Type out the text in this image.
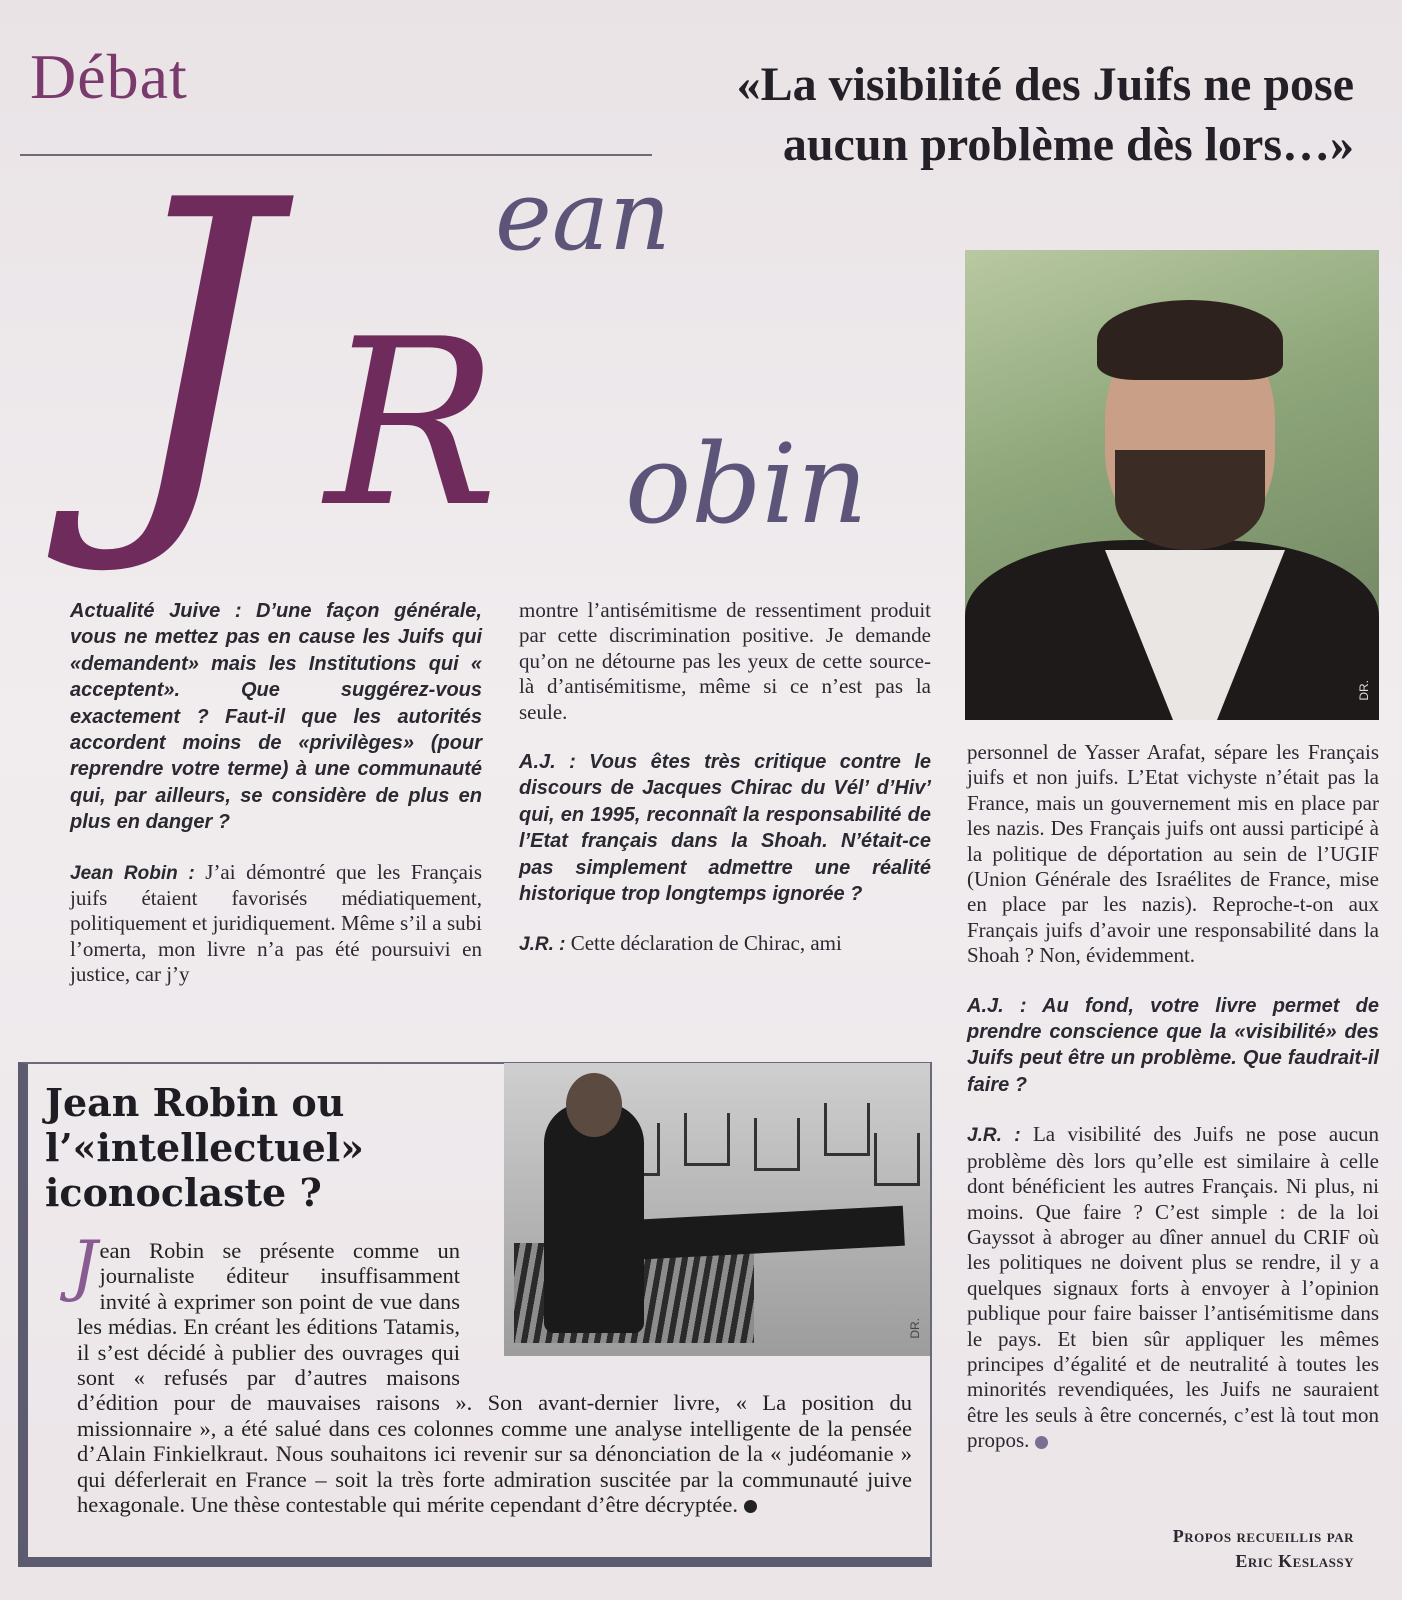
Débat	«La visibilité des Juifs ne pose aucun problème dès lors…»
J ean
R obin
DR.

Actualité Juive : D’une façon générale, vous ne mettez pas en cause les Juifs qui «demandent» mais les Institutions qui « acceptent». Que suggérez-vous exactement ? Faut-il que les autorités accordent moins de «privilèges» (pour reprendre votre terme) à une communauté qui, par ailleurs, se considère de plus en plus en danger ?

Jean Robin : J’ai démontré que les Français juifs étaient favorisés médiatiquement, politiquement et juridiquement. Même s’il a subi l’omerta, mon livre n’a pas été poursuivi en justice, car j’y

montre l’antisémitisme de ressentiment produit par cette discrimination positive. Je demande qu’on ne détourne pas les yeux de cette source-là d’antisémitisme, même si ce n’est pas la seule.

A.J. : Vous êtes très critique contre le discours de Jacques Chirac du Vél’ d’Hiv’ qui, en 1995, reconnaît la responsabilité de l’Etat français dans la Shoah. N’était-ce pas simplement admettre une réalité historique trop longtemps ignorée ?

J.R. : Cette déclaration de Chirac, ami

personnel de Yasser Arafat, sépare les Français juifs et non juifs. L’Etat vichyste n’était pas la France, mais un gouvernement mis en place par les nazis. Des Français juifs ont aussi participé à la politique de déportation au sein de l’UGIF (Union Générale des Israélites de France, mise en place par les nazis). Reproche-t-on aux Français juifs d’avoir une responsabilité dans la Shoah ? Non, évidemment.

A.J. : Au fond, votre livre permet de prendre conscience que la «visibilité» des Juifs peut être un problème. Que faudrait-il faire ?

J.R. : La visibilité des Juifs ne pose aucun problème dès lors qu’elle est similaire à celle dont bénéficient les autres Français. Ni plus, ni moins. Que faire ? C’est simple : de la loi Gayssot à abroger au dîner annuel du CRIF où les politiques ne doivent plus se rendre, il y a quelques signaux forts à envoyer à l’opinion publique pour faire baisser l’antisémitisme dans le pays. Et bien sûr appliquer les mêmes principes d’égalité et de neutralité à toutes les minorités revendiquées, les Juifs ne sauraient être les seuls à être concernés, c’est là tout mon propos.

Jean Robin ou l’«intellectuel» iconoclaste ?
DR.
Jean Robin se présente comme un journaliste éditeur insuffisamment invité à exprimer son point de vue dans les médias. En créant les éditions Tatamis, il s’est décidé à publier des ouvrages qui sont « refusés par d’autres maisons d’édition pour de mauvaises raisons ». Son avant-dernier livre, « La position du missionnaire », a été salué dans ces colonnes comme une analyse intelligente de la pensée d’Alain Finkielkraut. Nous souhaitons ici revenir sur sa dénonciation de la « judéomanie » qui déferlerait en France – soit la très forte admiration suscitée par la communauté juive hexagonale. Une thèse contestable qui mérite cependant d’être décryptée.
Propos recueillis par
Eric Keslassy
